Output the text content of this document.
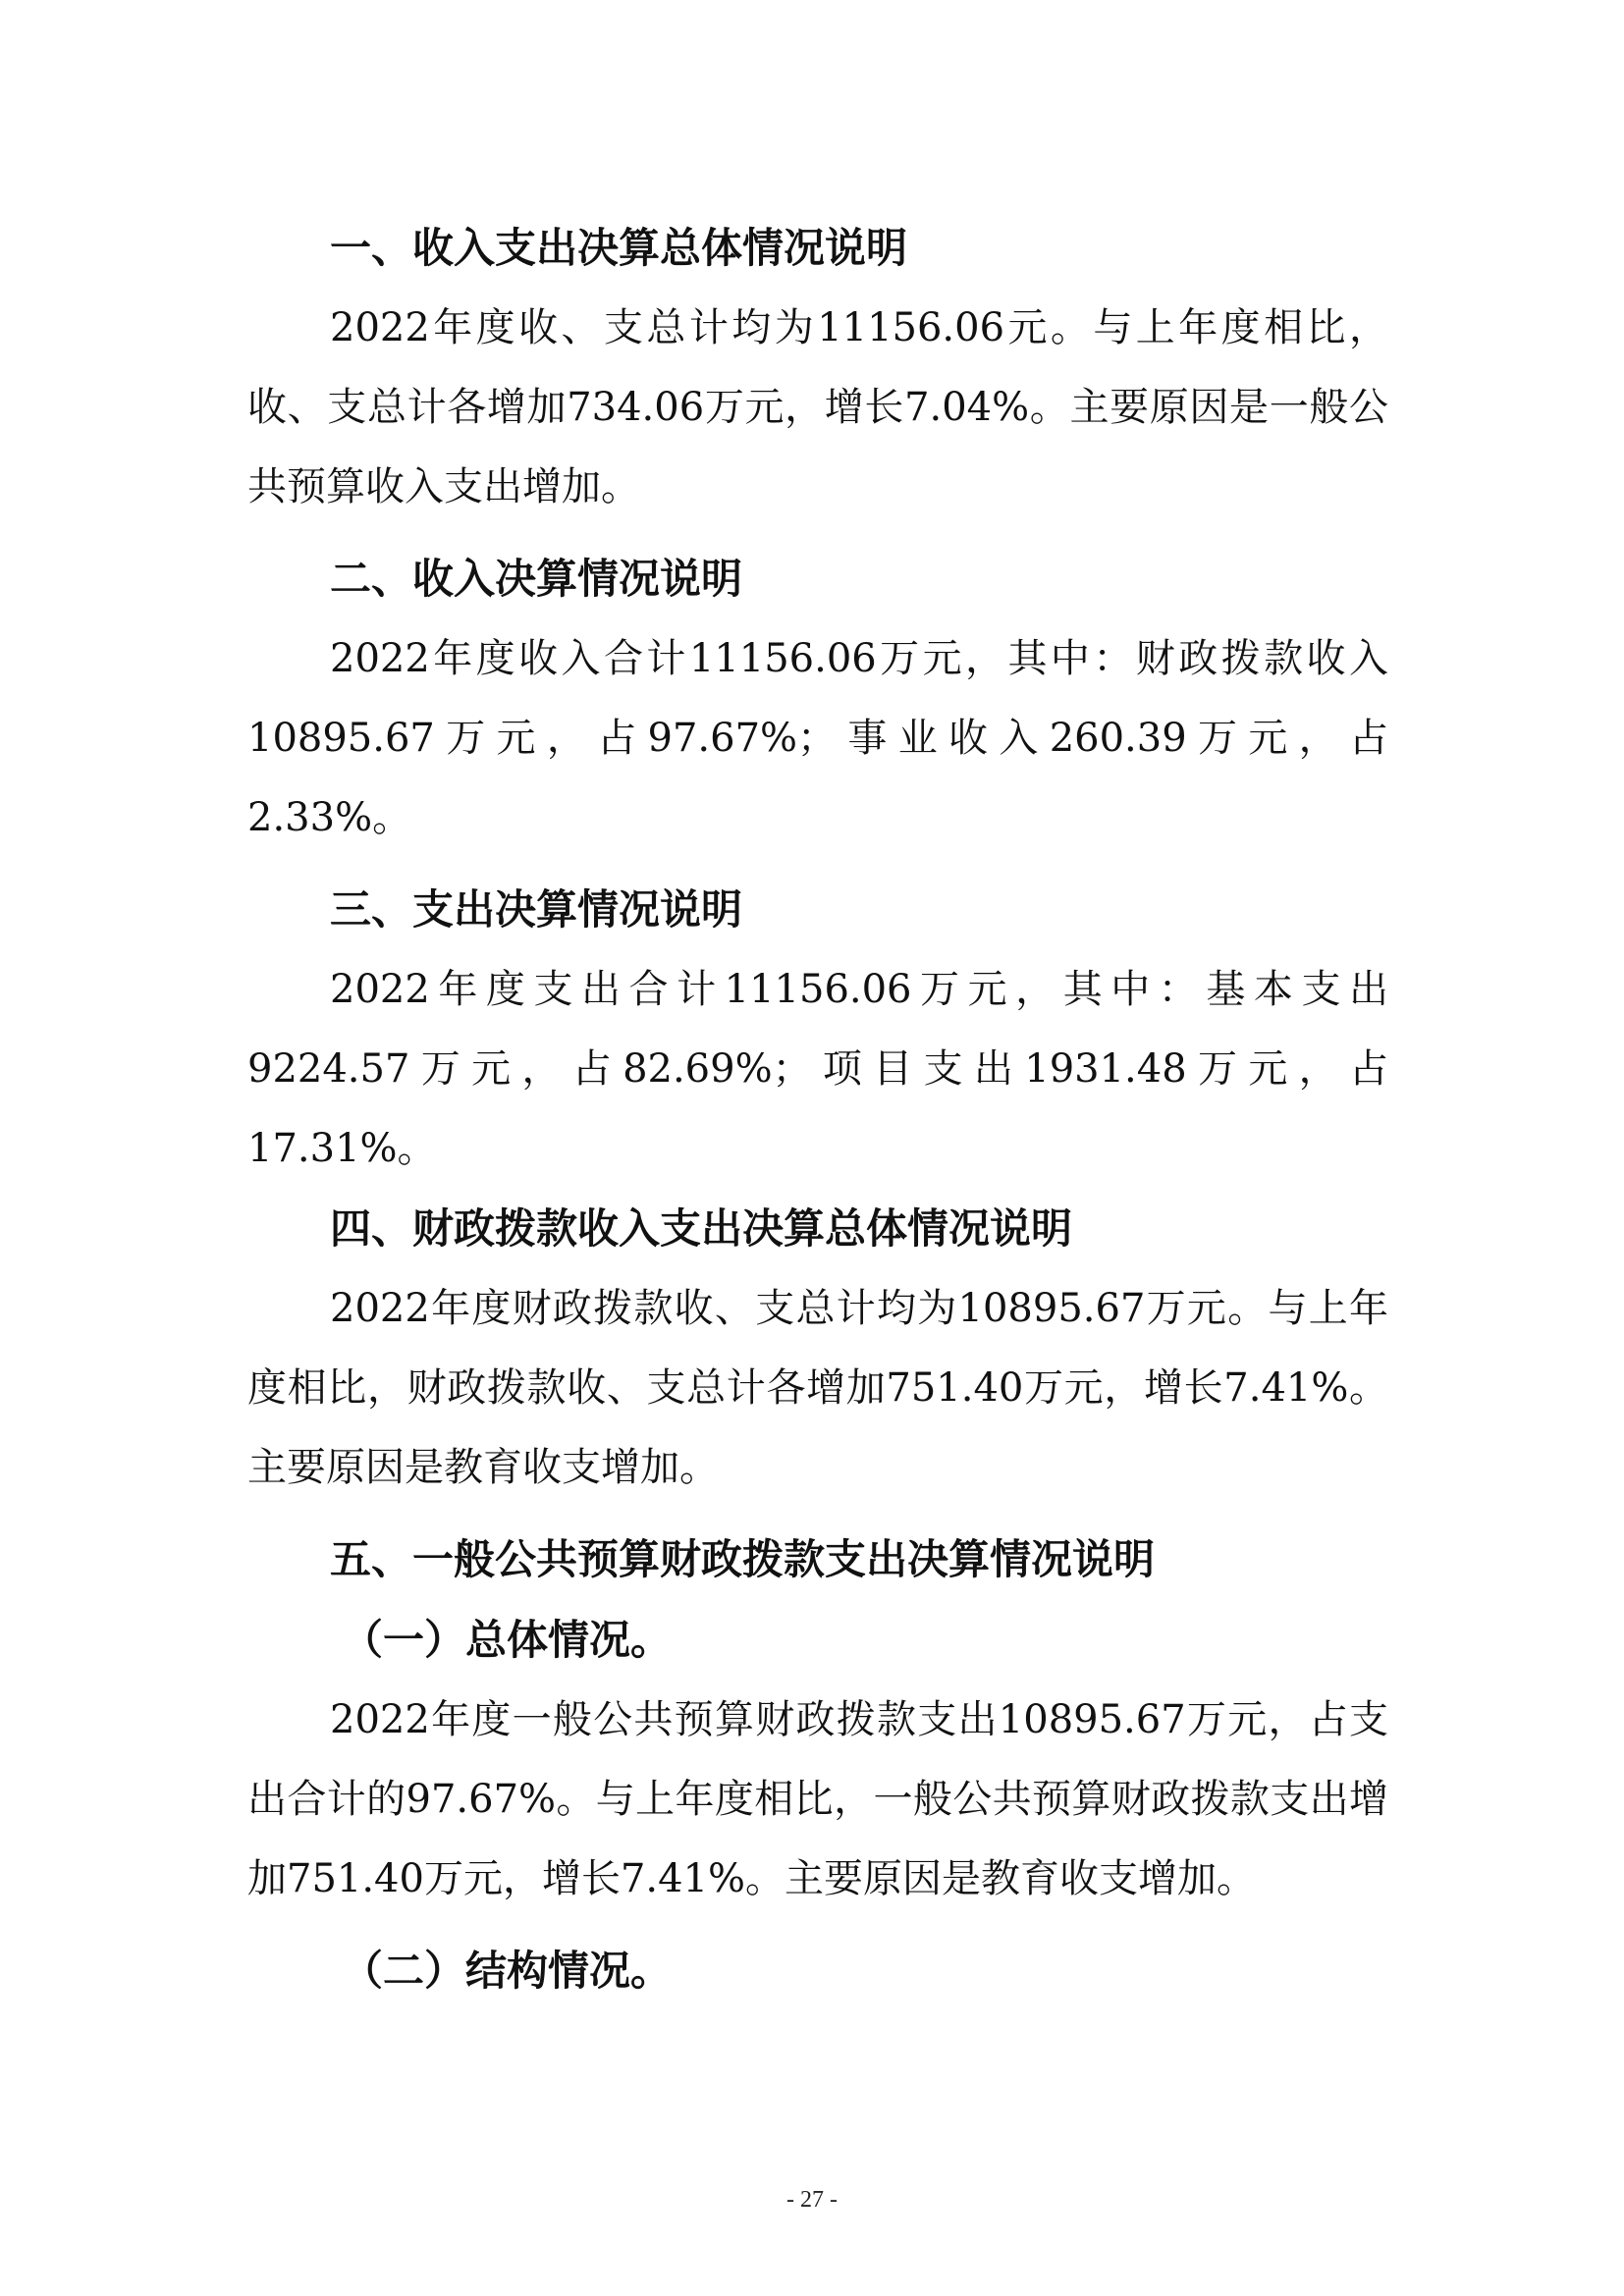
一、收入支出决算总体情况说明

2022年度收、支总计均为11156.06元。与上年度相比，收、支总计各增加734.06万元，增长7.04%。主要原因是一般公共预算收入支出增加。

二、收入决算情况说明

2022年度收入合计11156.06万元，其中：财政拨款收入10895.67万元，占97.67%；事业收入260.39万元，占2.33%。

三、支出决算情况说明

2022年度支出合计11156.06万元，其中：基本支出9224.57万元，占82.69%；项目支出1931.48万元，占17.31%。

四、财政拨款收入支出决算总体情况说明

2022年度财政拨款收、支总计均为10895.67万元。与上年度相比，财政拨款收、支总计各增加751.40万元，增长7.41%。主要原因是教育收支增加。

五、一般公共预算财政拨款支出决算情况说明
（一）总体情况。

2022年度一般公共预算财政拨款支出10895.67万元，占支出合计的97.67%。与上年度相比，一般公共预算财政拨款支出增加751.40万元，增长7.41%。主要原因是教育收支增加。

（二）结构情况。
- 27 -
